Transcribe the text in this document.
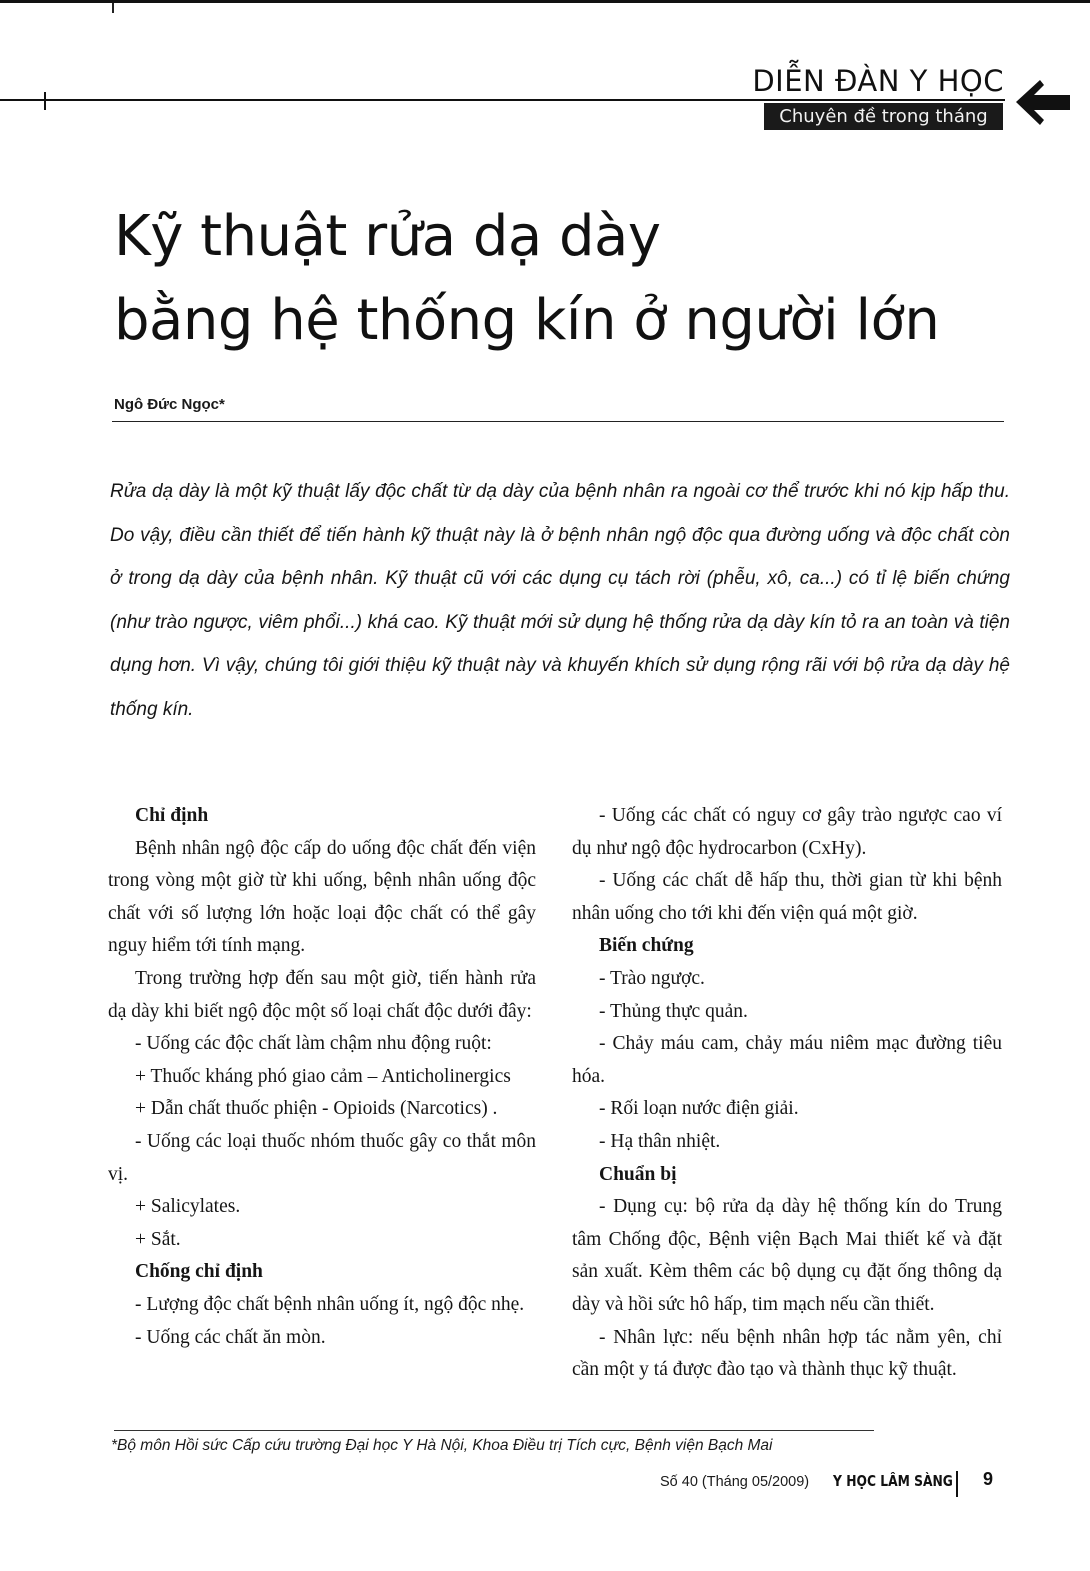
DIỄN ĐÀN Y HỌC
Chuyên đề trong tháng
Kỹ thuật rửa dạ dày
bằng hệ thống kín ở người lớn
Ngô Đức Ngọc*

Rửa dạ dày là một kỹ thuật lấy độc chất từ dạ dày của bệnh nhân ra ngoài cơ thể trước khi nó kịp hấp thu. Do vậy, điều cần thiết để tiến hành kỹ thuật này là ở bệnh nhân ngộ độc qua đường uống và độc chất còn ở trong dạ dày của bệnh nhân. Kỹ thuật cũ với các dụng cụ tách rời (phễu, xô, ca...) có tỉ lệ biến chứng (như trào ngược, viêm phổi...) khá cao. Kỹ thuật mới sử dụng hệ thống rửa dạ dày kín tỏ ra an toàn và tiện dụng hơn. Vì vậy, chúng tôi giới thiệu kỹ thuật này và khuyến khích sử dụng rộng rãi với bộ rửa dạ dày hệ thống kín.

Chỉ định

Bệnh nhân ngộ độc cấp do uống độc chất đến viện trong vòng một giờ từ khi uống, bệnh nhân uống độc chất với số lượng lớn hoặc loại độc chất có thể gây nguy hiểm tới tính mạng.

Trong trường hợp đến sau một giờ, tiến hành rửa dạ dày khi biết ngộ độc một số loại chất độc dưới đây:

- Uống các độc chất làm chậm nhu động ruột:

+ Thuốc kháng phó giao cảm – Anticholinergics

+ Dẫn chất thuốc phiện - Opioids (Narcotics) .

- Uống các loại thuốc nhóm thuốc gây co thắt môn vị.

+ Salicylates.

+ Sắt.

Chống chỉ định

- Lượng độc chất bệnh nhân uống ít, ngộ độc nhẹ.

- Uống các chất ăn mòn.

- Uống các chất có nguy cơ gây trào ngược cao ví dụ như ngộ độc hydrocarbon (CxHy).

- Uống các chất dễ hấp thu, thời gian từ khi bệnh nhân uống cho tới khi đến viện quá một giờ.

Biến chứng

- Trào ngược.

- Thủng thực quản.

- Chảy máu cam, chảy máu niêm mạc đường tiêu hóa.

- Rối loạn nước điện giải.

- Hạ thân nhiệt.

Chuẩn bị

- Dụng cụ: bộ rửa dạ dày hệ thống kín do Trung tâm Chống độc, Bệnh viện Bạch Mai thiết kế và đặt sản xuất. Kèm thêm các bộ dụng cụ đặt ống thông dạ dày và hồi sức hô hấp, tim mạch nếu cần thiết.

- Nhân lực: nếu bệnh nhân hợp tác nằm yên, chỉ cần một y tá được đào tạo và thành thục kỹ thuật.

*Bộ môn Hồi sức Cấp cứu trường Đại học Y Hà Nội, Khoa Điều trị Tích cực, Bệnh viện Bạch Mai
Số 40 (Tháng 05/2009) Y HỌC LÂM SÀNG 9
